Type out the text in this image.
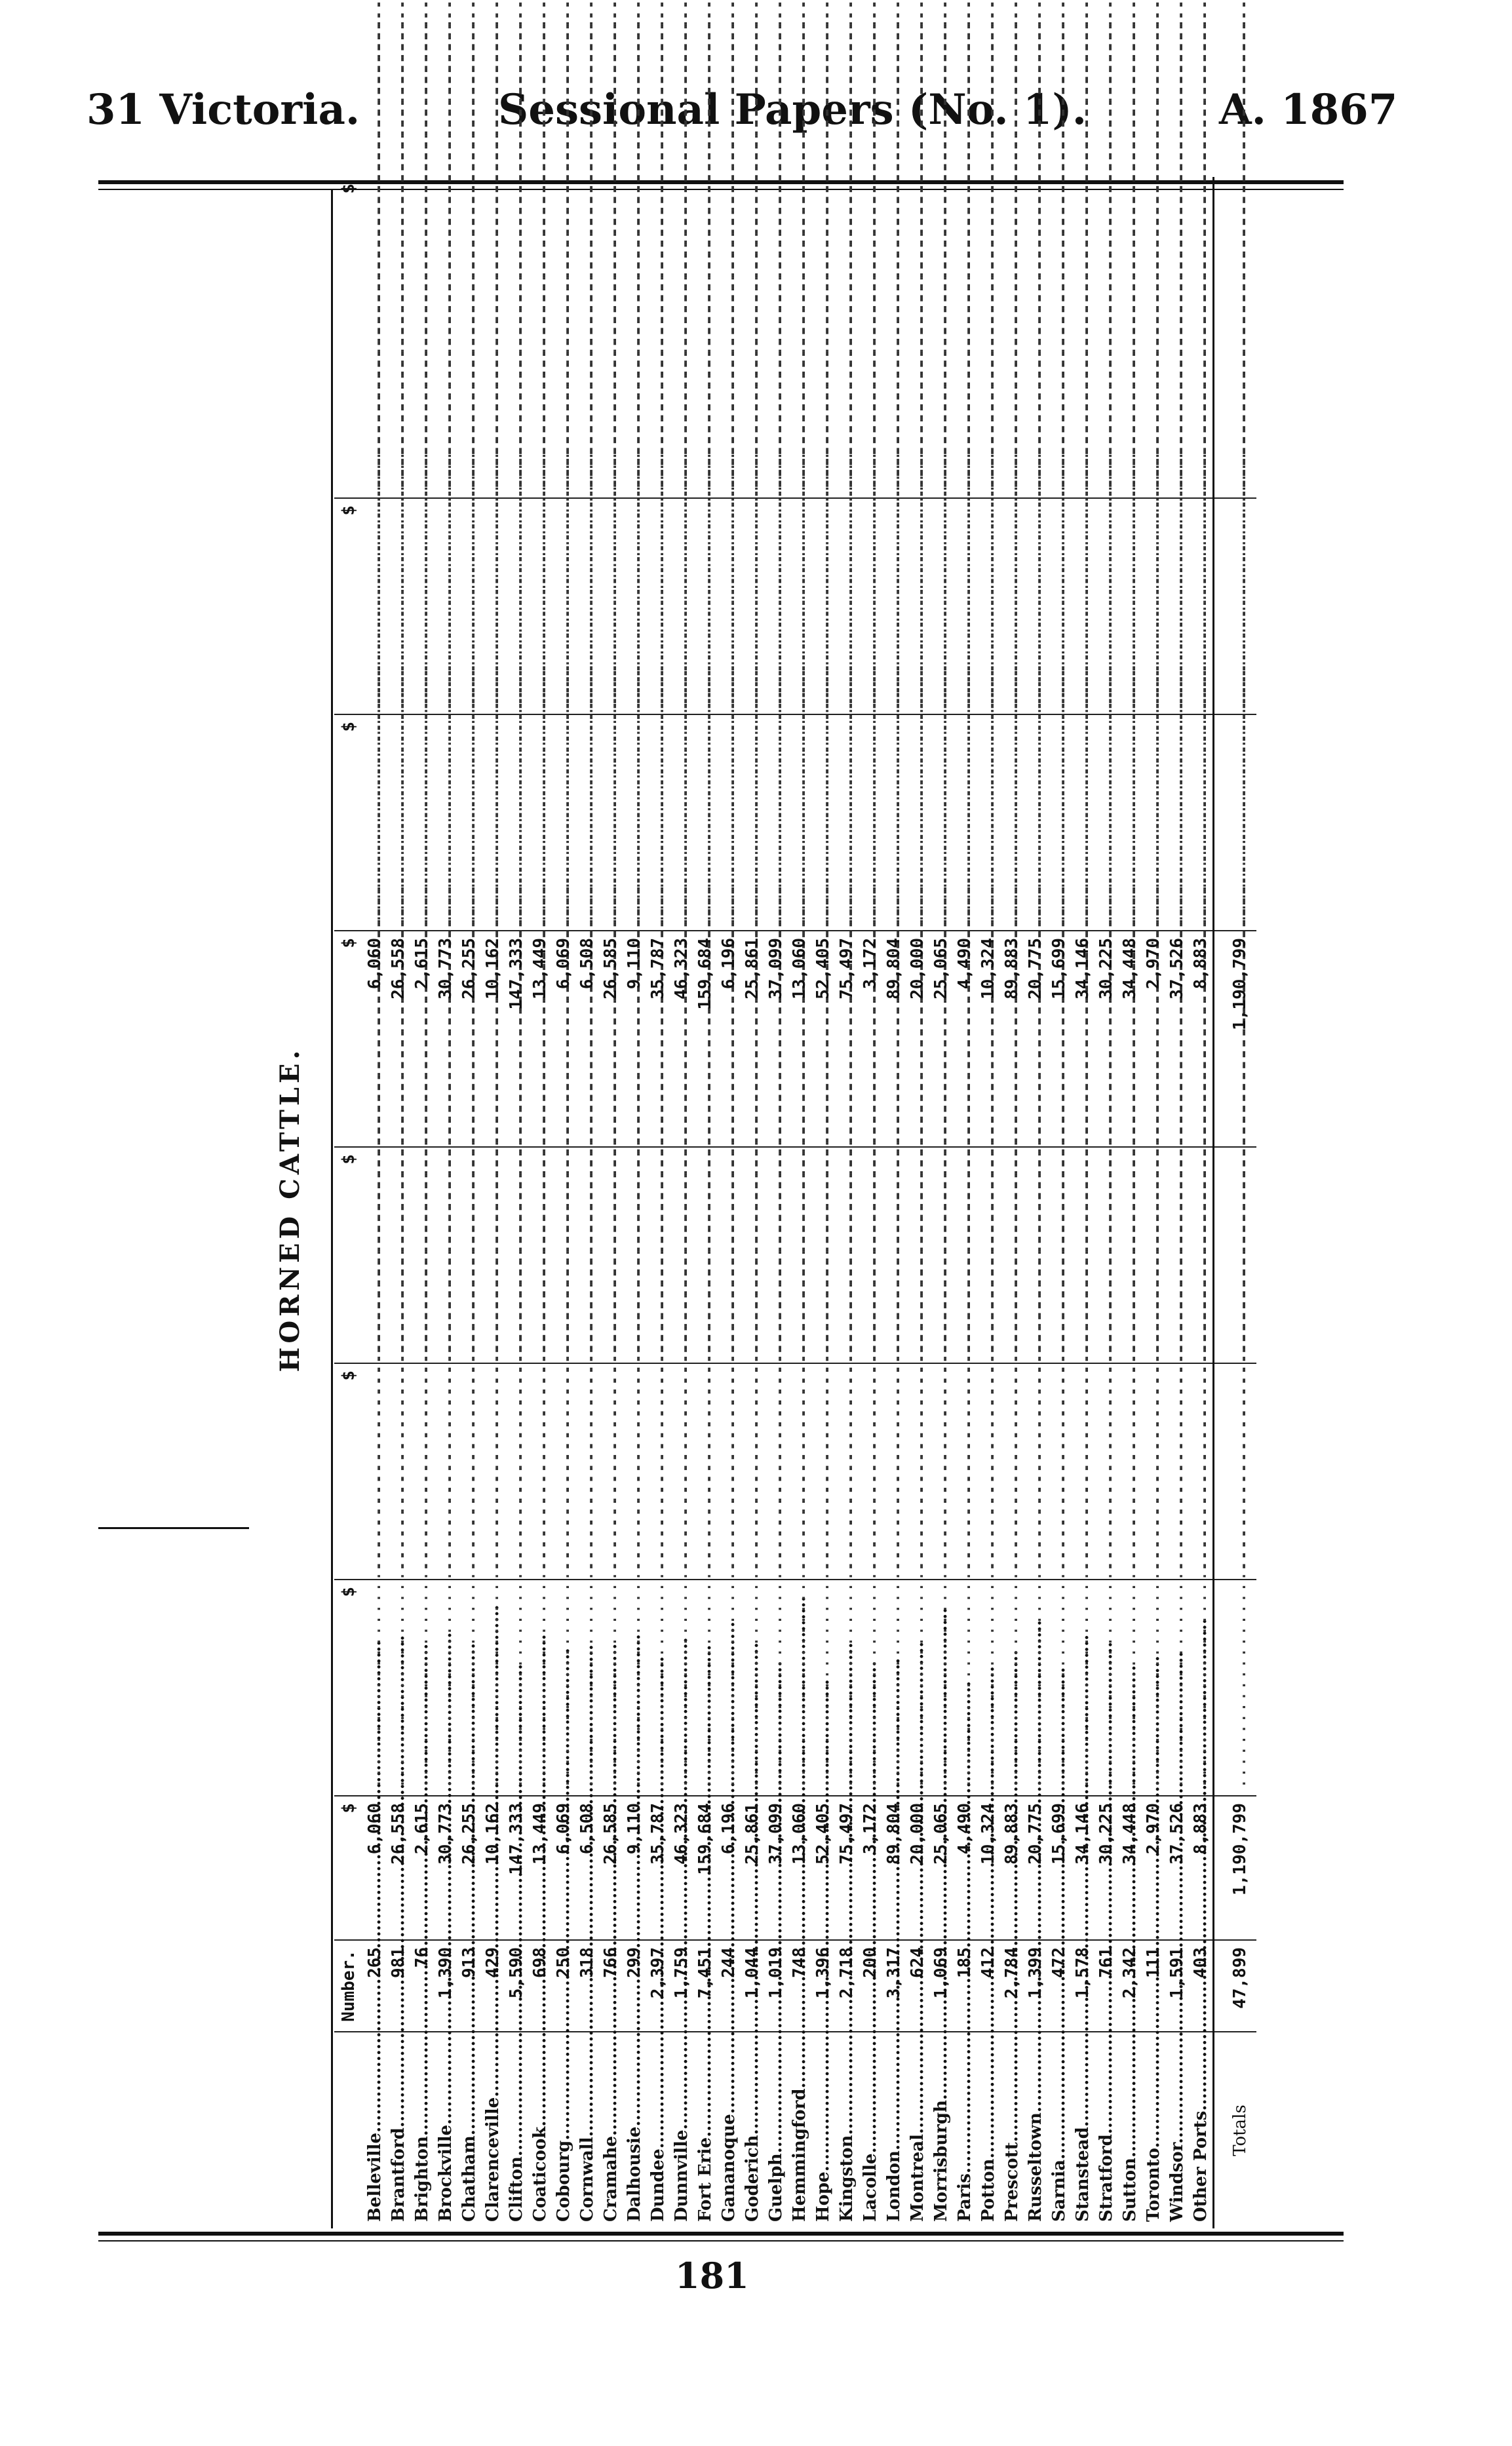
31 Victoria.	Sessional Papers (No. 1).	A. 1867
HORNED CATTLE.
	Number.	$	$	$	$	$	$	$	$
Belleville .....	265	6,060	.....	.....	.....	6,060	.....	.....	.....
Brantford .....	981	26,558	.....	.....	.....	26,558	.....	.....	.....
Brighton .....	76	2,615	.....	.....	.....	2,615	.....	.....	.....
Brockville .....	1,390	30,773	.....	.....	.....	30,773	.....	.....	.....
Chatham .....	913	26,255	.....	.....	.....	26,255	.....	.....	.....
Clarenceville .....	429	10,162	.....	.....	.....	10,162	.....	.....	.....
Clifton .....	5,590	147,333	.....	.....	.....	147,333	.....	.....	.....
Coaticook .....	698	13,449	.....	.....	.....	13,449	.....	.....	.....
Cobourg .....	250	6,069	.....	.....	.....	6,069	.....	.....	.....
Cornwall .....	318	6,508	.....	.....	.....	6,508	.....	.....	.....
Cramahe .....	766	26,585	.....	.....	.....	26,585	.....	.....	.....
Dalhousie .....	299	9,110	.....	.....	.....	9,110	.....	.....	.....
Dundee .....	2,397	35,787	.....	.....	.....	35,787	.....	.....	.....
Dunnville .....	1,759	46,323	.....	.....	.....	46,323	.....	.....	.....
Fort Erie .....	7,451	159,684	.....	.....	.....	159,684	.....	.....	.....
Gananoque .....	244	6,196	.....	.....	.....	6,196	.....	.....	.....
Goderich .....	1,044	25,861	.....	.....	.....	25,861	.....	.....	.....
Guelph .....	1,019	37,099	.....	.....	.....	37,099	.....	.....	.....
Hemmingford .....	748	13,060	.....	.....	.....	13,060	.....	.....	.....
Hope .....	1,396	52,405	.....	.....	.....	52,405	.....	.....	.....
Kingston .....	2,718	75,497	.....	.....	.....	75,497	.....	.....	.....
Lacolle .....	200	3,172	.....	.....	.....	3,172	.....	.....	.....
London .....	3,317	89,804	.....	.....	.....	89,804	.....	.....	.....
Montreal .....	624	20,000	.....	.....	.....	20,000	.....	.....	.....
Morrisburgh .....	1,069	25,065	.....	.....	.....	25,065	.....	.....	.....
Paris .....	185	4,490	.....	.....	.....	4,490	.....	.....	.....
Potton .....	412	10,324	.....	.....	.....	10,324	.....	.....	.....
Prescott .....	2,784	89,883	.....	.....	.....	89,883	.....	.....	.....
Russeltown .....	1,399	20,775	.....	.....	.....	20,775	.....	.....	.....
Sarnia .....	472	15,699	.....	.....	.....	15,699	.....	.....	.....
Stanstead .....	1,578	34,146	.....	.....	.....	34,146	.....	.....	.....
Stratford .....	761	30,225	.....	.....	.....	30,225	.....	.....	.....
Sutton .....	2,342	34,448	.....	.....	.....	34,448	.....	.....	.....
Toronto .....	111	2,970	.....	.....	.....	2,970	.....	.....	.....
Windsor .....	1,591	37,526	.....	.....	.....	37,526	.....	.....	.....
Other Ports .....	403	8,883	.....	.....	.....	8,883	.....	.....	.....
Totals	47,899	1,190,799	.....	.....	.....	1,190,799	.....	.....	.....
181
